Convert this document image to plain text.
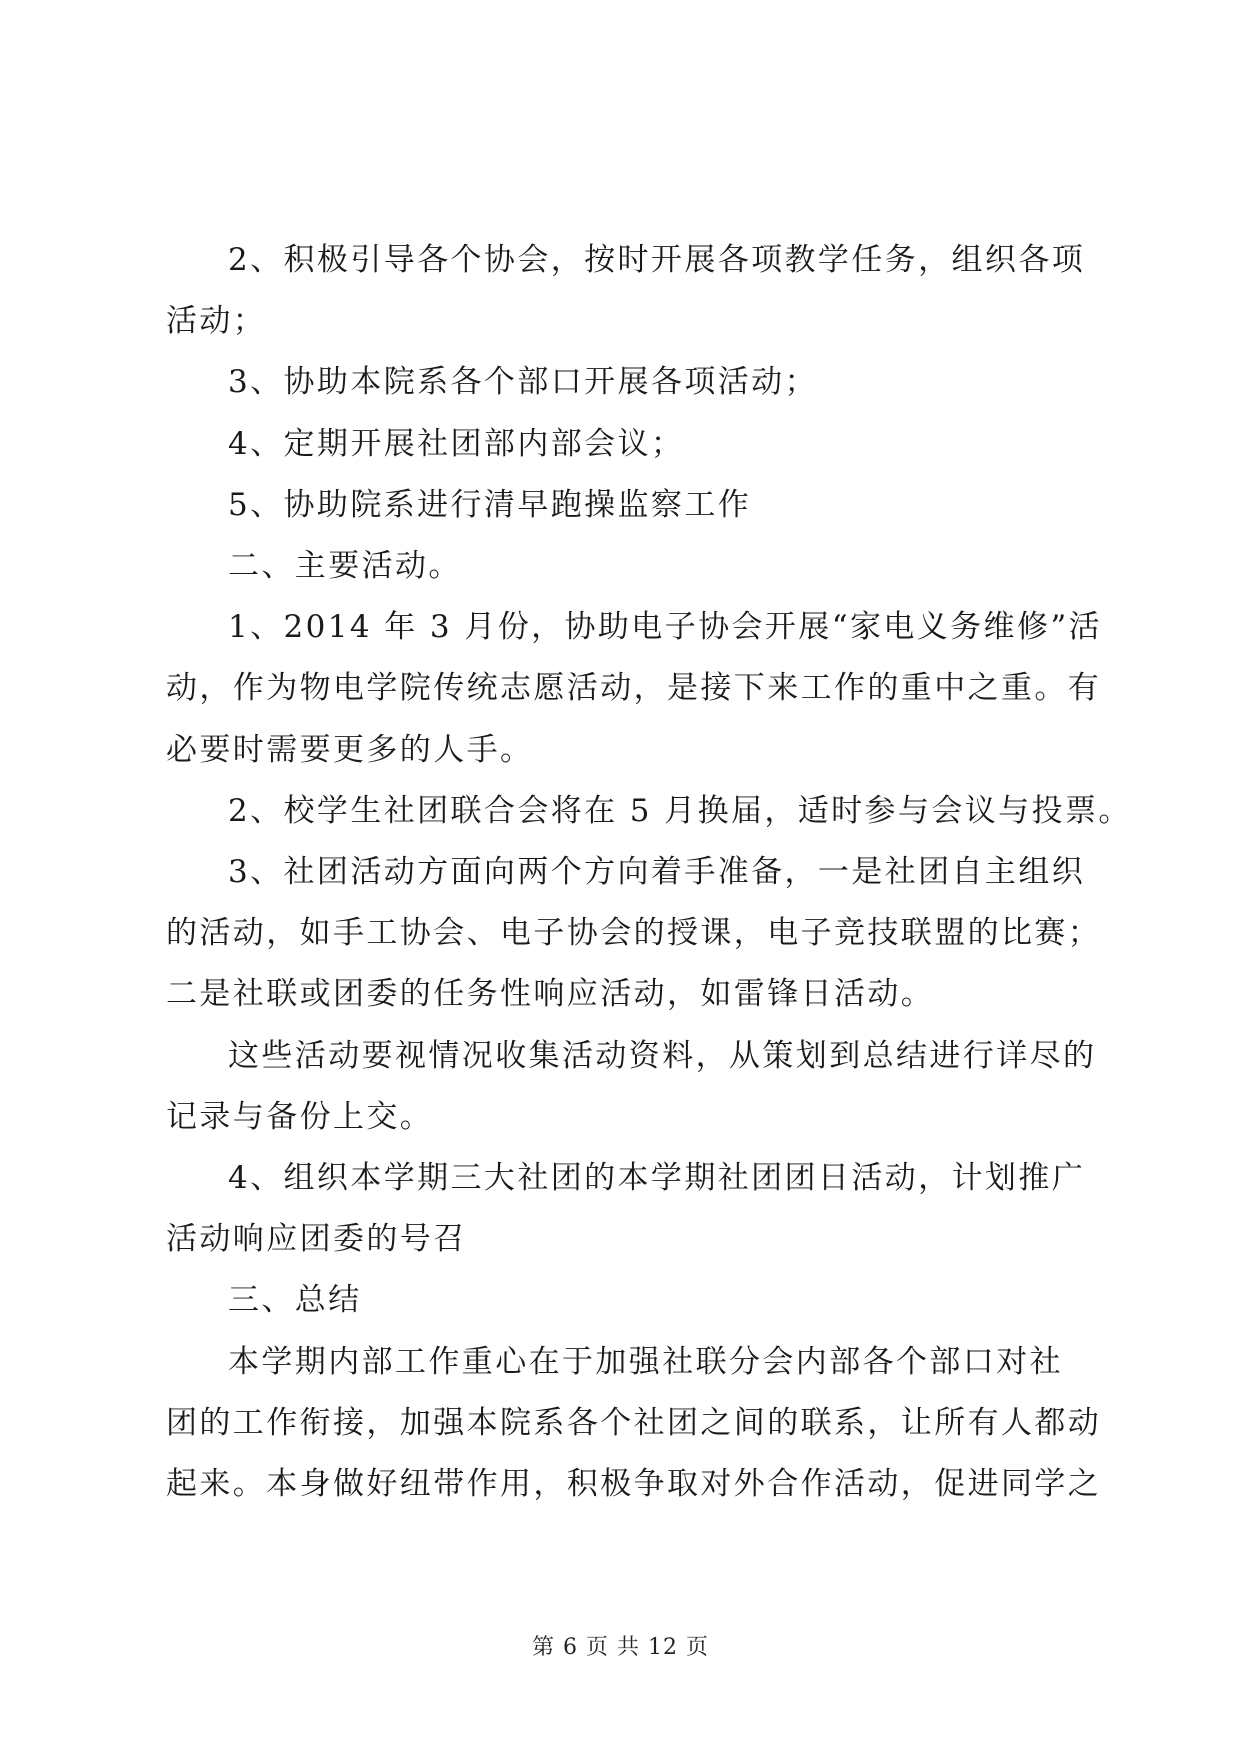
2、积极引导各个协会，按时开展各项教学任务，组织各项

活动；

3、协助本院系各个部口开展各项活动；

4、定期开展社团部内部会议；

5、协助院系进行清早跑操监察工作

二、主要活动。

1、2014 年 3 月份，协助电子协会开展“家电义务维修”活

动，作为物电学院传统志愿活动，是接下来工作的重中之重。有

必要时需要更多的人手。

2、校学生社团联合会将在 5 月换届，适时参与会议与投票。

3、社团活动方面向两个方向着手准备，一是社团自主组织

的活动，如手工协会、电子协会的授课，电子竞技联盟的比赛；

二是社联或团委的任务性响应活动，如雷锋日活动。

这些活动要视情况收集活动资料，从策划到总结进行详尽的

记录与备份上交。

4、组织本学期三大社团的本学期社团团日活动，计划推广

活动响应团委的号召

三、总结

本学期内部工作重心在于加强社联分会内部各个部口对社

团的工作衔接，加强本院系各个社团之间的联系，让所有人都动

起来。本身做好纽带作用，积极争取对外合作活动，促进同学之

第 6 页 共 12 页
